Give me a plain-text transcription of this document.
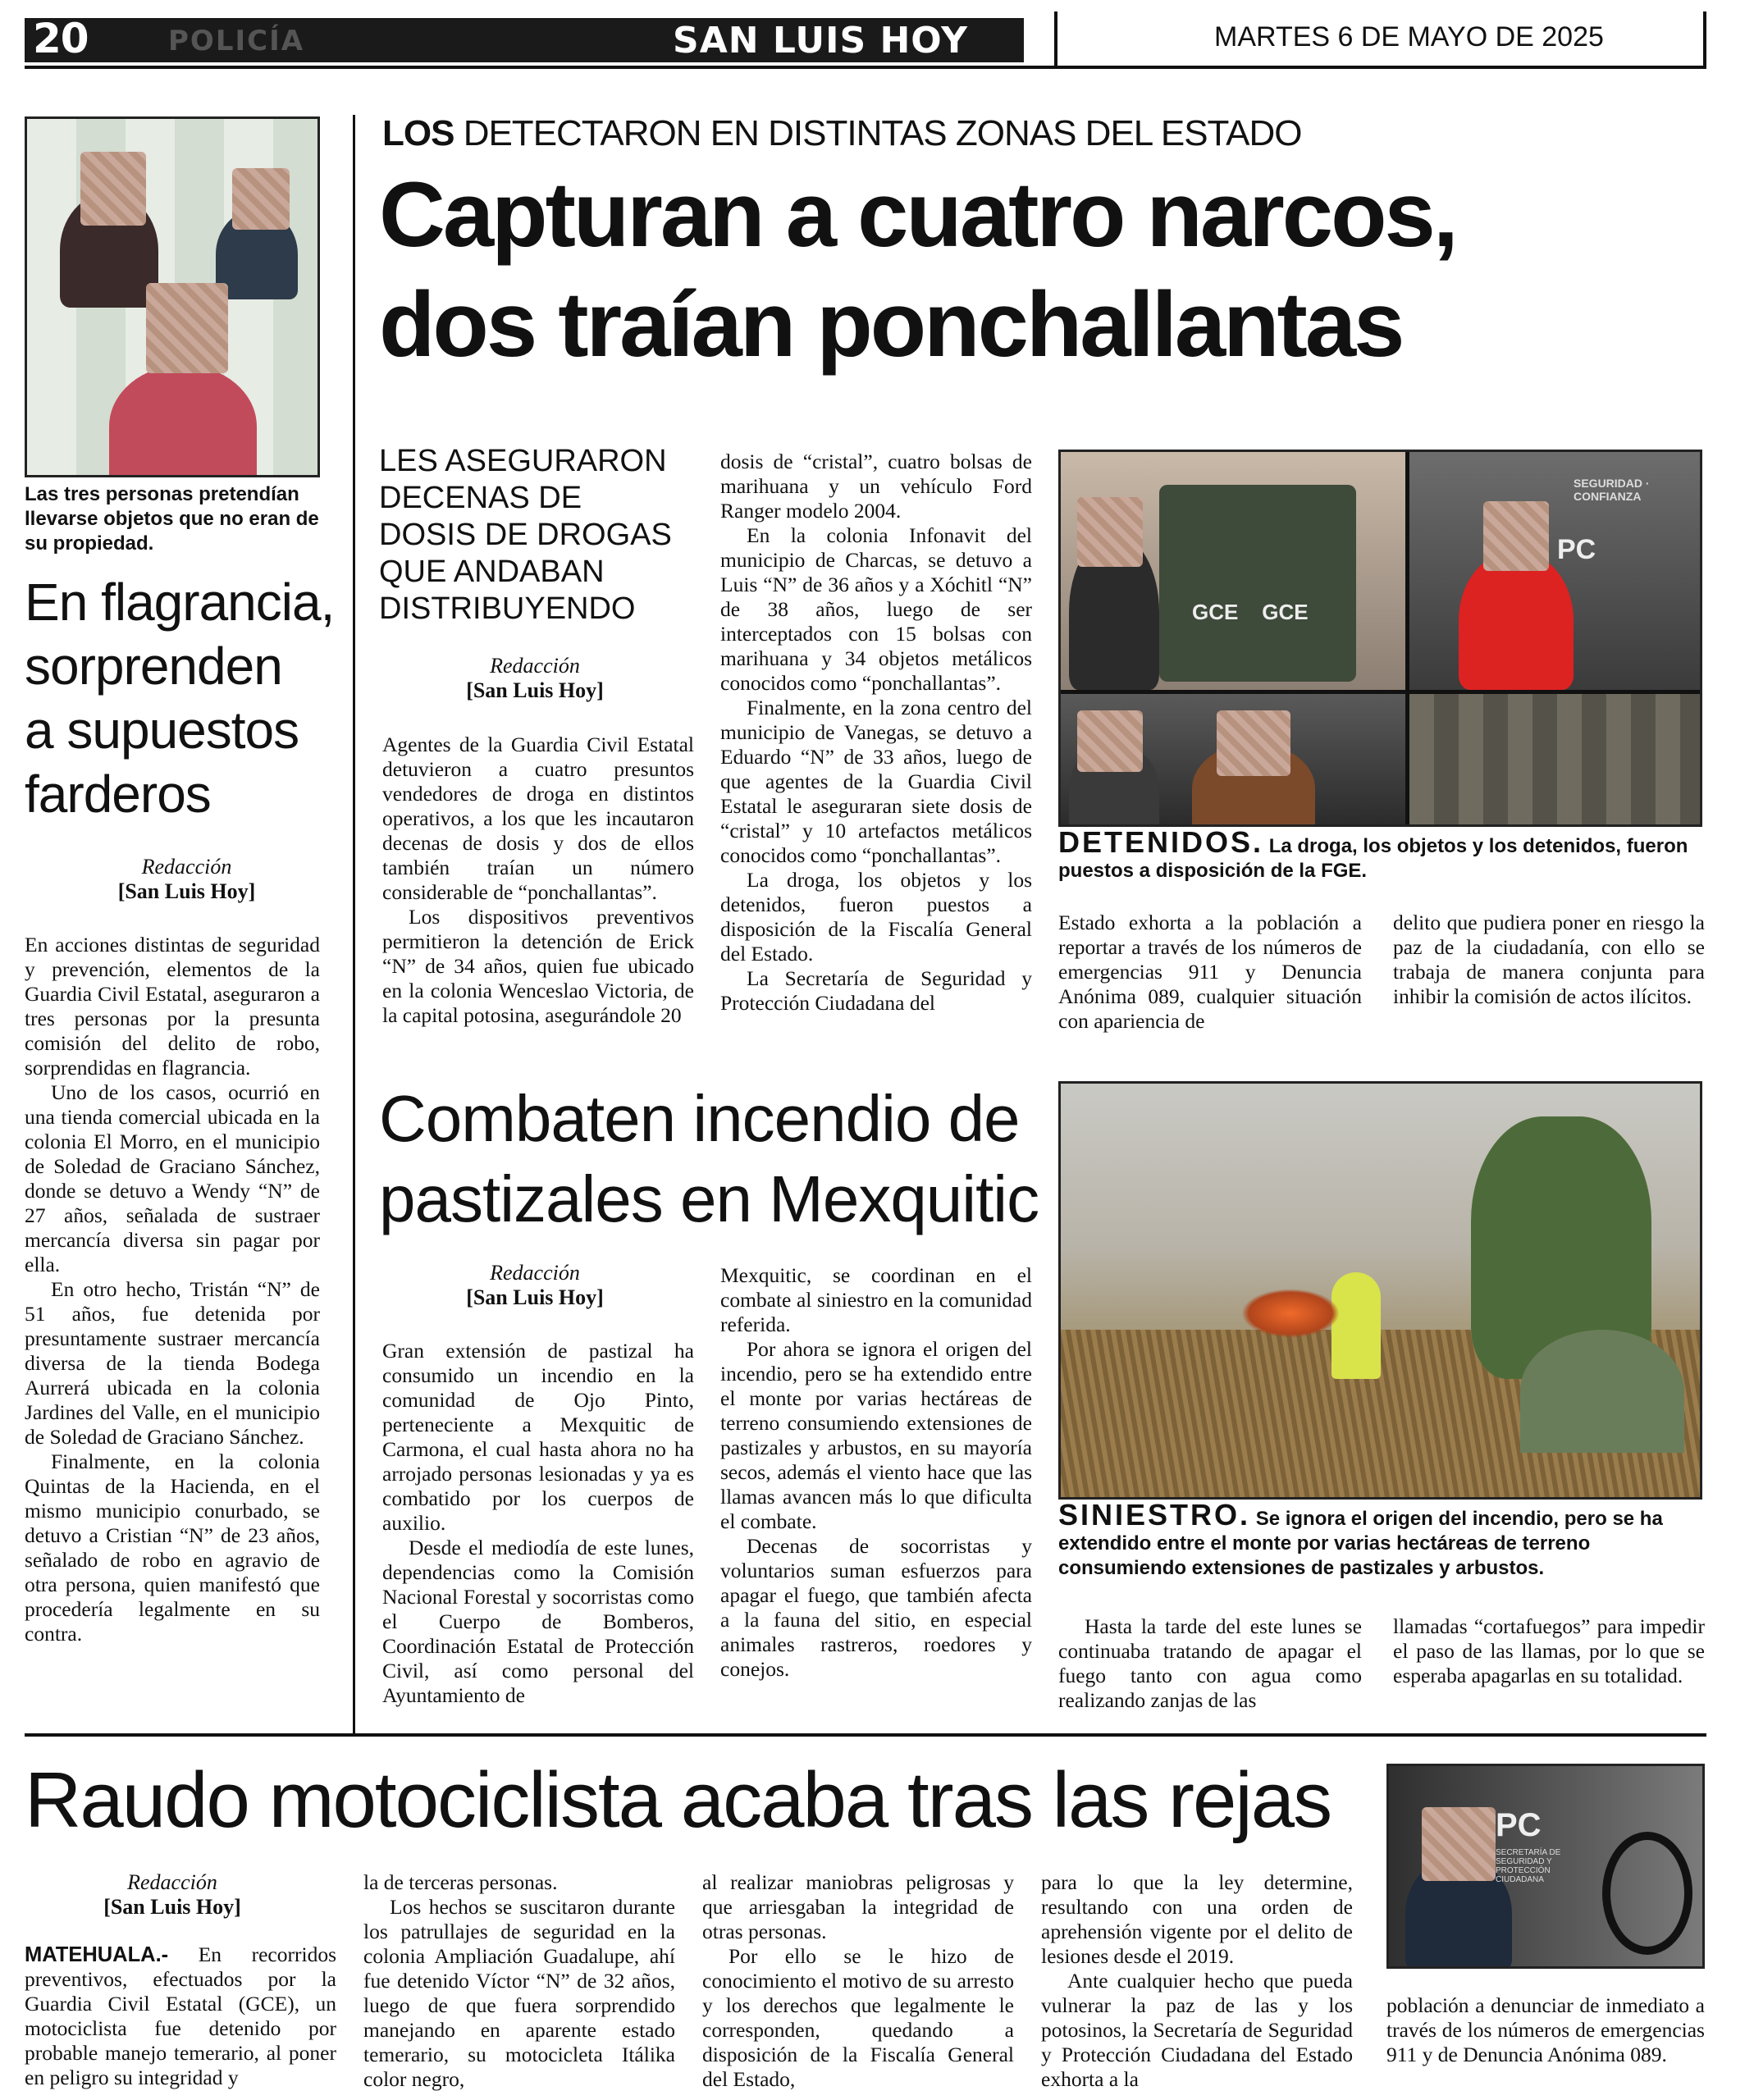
20	POLICÍA	SAN LUIS HOY	MARTES 6 DE MAYO DE 2025
Las tres personas pretendían llevarse objetos que no eran de su propiedad.
En flagrancia,
sorprenden
a supuestos
farderos
Redacción
[San Luis Hoy]

En acciones distintas de seguridad y prevención, elementos de la Guardia Civil Estatal, aseguraron a tres personas por la presunta comisión del delito de robo, sorprendidas en flagrancia.

Uno de los casos, ocurrió en una tienda comercial ubicada en la colonia El Morro, en el municipio de Soledad de Graciano Sánchez, donde se detuvo a Wendy “N” de 27 años, señalada de sustraer mercancía diversa sin pagar por ella.

En otro hecho, Tristán “N” de 51 años, fue detenida por presuntamente sustraer mercancía diversa de la tienda Bodega Aurrerá ubicada en la colonia Jardines del Valle, en el municipio de Soledad de Graciano Sánchez.

Finalmente, en la colonia Quintas de la Hacienda, en el mismo municipio conurbado, se detuvo a Cristian “N” de 23 años, señalado de robo en agravio de otra persona, quien manifestó que procedería legalmente en su contra.

LOS DETECTARON EN DISTINTAS ZONAS DEL ESTADO
Capturan a cuatro narcos,
dos traían ponchallantas
LES ASEGURARON
DECENAS DE
DOSIS DE DROGAS
QUE ANDABAN
DISTRIBUYENDO
Redacción
[San Luis Hoy]

Agentes de la Guardia Civil Estatal detuvieron a cuatro presuntos vendedores de droga en distintos operativos, a los que les incautaron decenas de dosis y dos de ellos también traían un número considerable de “ponchallantas”.

Los dispositivos preventivos permitieron la detención de Erick “N” de 34 años, quien fue ubicado en la colonia Wenceslao Victoria, de la capital potosina, asegurándole 20

dosis de “cristal”, cuatro bolsas de marihuana y un vehículo Ford Ranger modelo 2004.

En la colonia Infonavit del municipio de Charcas, se detuvo a Luis “N” de 36 años y a Xóchitl “N” de 38 años, luego de ser interceptados con 15 bolsas con marihuana y 34 objetos metálicos conocidos como “ponchallantas”.

Finalmente, en la zona centro del municipio de Vanegas, se detuvo a Eduardo “N” de 33 años, luego de que agentes de la Guardia Civil Estatal le aseguraran siete dosis de “cristal” y 10 artefactos metálicos conocidos como “ponchallantas”.

La droga, los objetos y los detenidos, fueron puestos a disposición de la Fiscalía General del Estado.

La Secretaría de Seguridad y Protección Ciudadana del

GCE GCE
PC
SEGURIDAD · CONFIANZA
DETENIDOS. La droga, los objetos y los detenidos, fueron puestos a disposición de la FGE.

Estado exhorta a la población a reportar a través de los números de emergencias 911 y Denuncia Anónima 089, cualquier situación con apariencia de

delito que pudiera poner en riesgo la paz de la ciudadanía, con ello se trabaja de manera conjunta para inhibir la comisión de actos ilícitos.

Combaten incendio de
pastizales en Mexquitic
Redacción
[San Luis Hoy]

Gran extensión de pastizal ha consumido un incendio en la comunidad de Ojo Pinto, perteneciente a Mexquitic de Carmona, el cual hasta ahora no ha arrojado personas lesionadas y ya es combatido por los cuerpos de auxilio.

Desde el mediodía de este lunes, dependencias como la Comisión Nacional Forestal y socorristas como el Cuerpo de Bomberos, Coordinación Estatal de Protección Civil, así como personal del Ayuntamiento de

Mexquitic, se coordinan en el combate al siniestro en la comunidad referida.

Por ahora se ignora el origen del incendio, pero se ha extendido entre el monte por varias hectáreas de terreno consumiendo extensiones de pastizales y arbustos, en su mayoría secos, además el viento hace que las llamas avancen más lo que dificulta el combate.

Decenas de socorristas y voluntarios suman esfuerzos para apagar el fuego, que también afecta a la fauna del sitio, en especial animales rastreros, roedores y conejos.

SINIESTRO. Se ignora el origen del incendio, pero se ha extendido entre el monte por varias hectáreas de terreno consumiendo extensiones de pastizales y arbustos.

Hasta la tarde del este lunes se continuaba tratando de apagar el fuego tanto con agua como realizando zanjas de las

llamadas “cortafuegos” para impedir el paso de las llamas, por lo que se esperaba apagarlas en su totalidad.

Raudo motociclista acaba tras las rejas
Redacción
[San Luis Hoy]

MATEHUALA.- En recorridos preventivos, efectuados por la Guardia Civil Estatal (GCE), un motociclista fue detenido por probable manejo temerario, al poner en peligro su integridad y

la de terceras personas.

Los hechos se suscitaron durante los patrullajes de seguridad en la colonia Ampliación Guadalupe, ahí fue detenido Víctor “N” de 32 años, luego de que fuera sorprendido manejando en aparente estado temerario, su motocicleta Itálika color negro,

al realizar maniobras peligrosas y que arriesgaban la integridad de otras personas.

Por ello se le hizo de conocimiento el motivo de su arresto y los derechos que legalmente le corresponden, quedando a disposición de la Fiscalía General del Estado,

para lo que la ley determine, resultando con una orden de aprehensión vigente por el delito de lesiones desde el 2019.

Ante cualquier hecho que pueda vulnerar la paz de las y los potosinos, la Secretaría de Seguridad y Protección Ciudadana del Estado exhorta a la

PC
SECRETARÍA DE SEGURIDAD Y PROTECCIÓN CIUDADANA

población a denunciar de inmediato a través de los números de emergencias 911 y de Denuncia Anónima 089.
